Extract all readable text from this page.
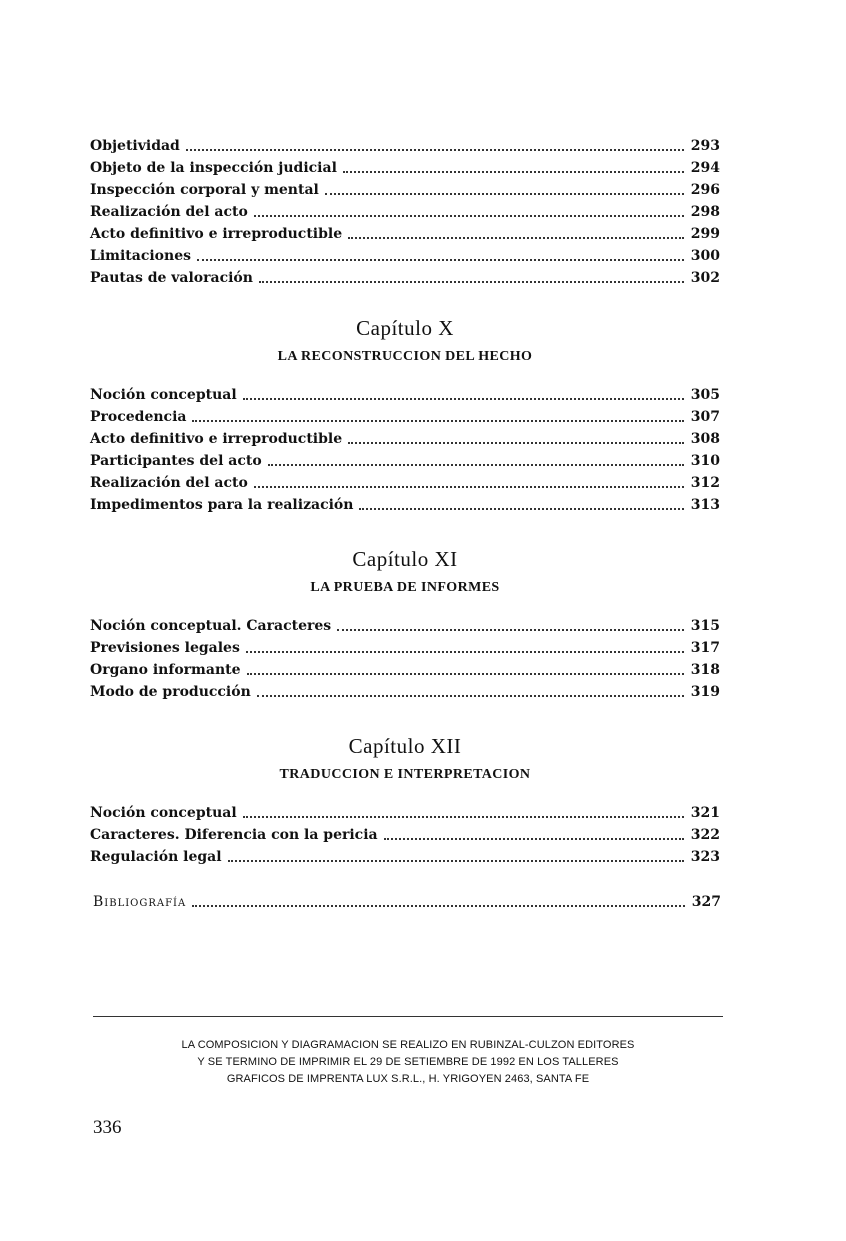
Objetividad	293
Objeto de la inspección judicial	294
Inspección corporal y mental	296
Realización del acto	298
Acto definitivo e irreproductible	299
Limitaciones	300
Pautas de valoración	302
Capítulo X
LA RECONSTRUCCION DEL HECHO
Noción conceptual	305
Procedencia	307
Acto definitivo e irreproductible	308
Participantes del acto	310
Realización del acto	312
Impedimentos para la realización	313
Capítulo XI
LA PRUEBA DE INFORMES
Noción conceptual. Caracteres	315
Previsiones legales	317
Organo informante	318
Modo de producción	319
Capítulo XII
TRADUCCION E INTERPRETACION
Noción conceptual	321
Caracteres. Diferencia con la pericia	322
Regulación legal	323
Bibliografía	327
LA COMPOSICION Y DIAGRAMACION SE REALIZO EN RUBINZAL-CULZON EDITORES
Y SE TERMINO DE IMPRIMIR EL 29 DE SETIEMBRE DE 1992 EN LOS TALLERES
GRAFICOS DE IMPRENTA LUX S.R.L., H. YRIGOYEN 2463, SANTA FE
336
